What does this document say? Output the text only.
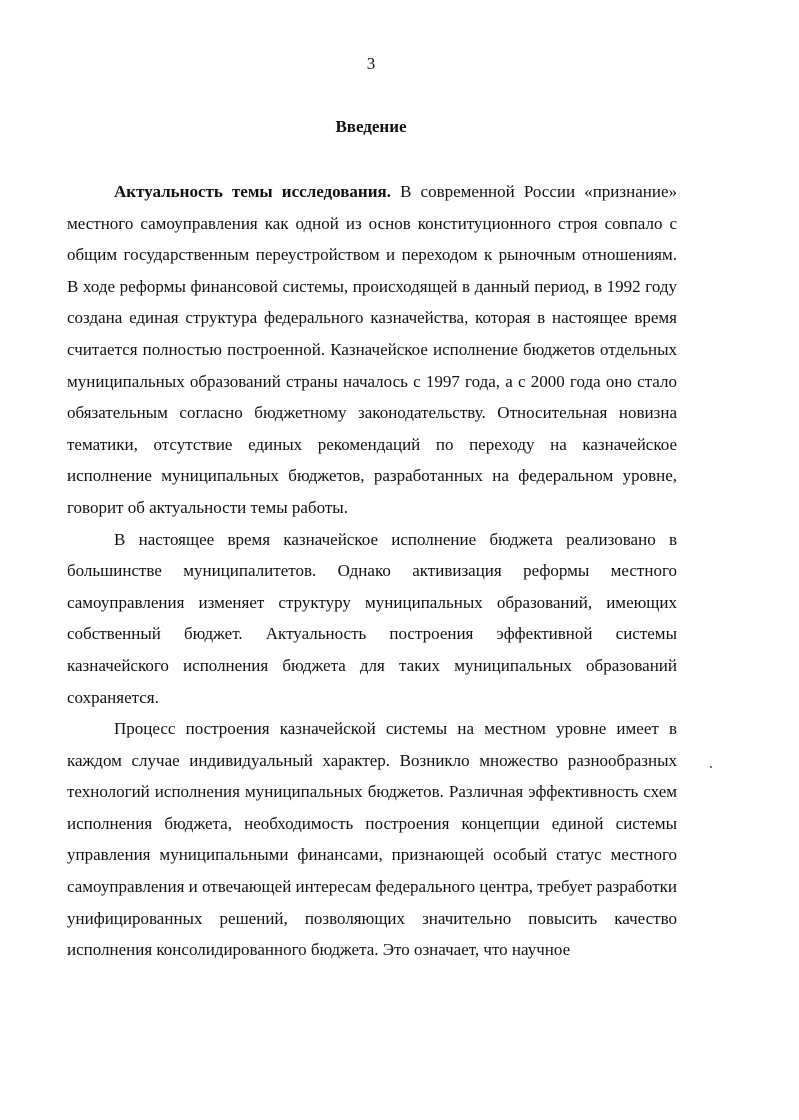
3
Введение

Актуальность темы исследования. В современной России «признание» местного самоуправления как одной из основ конституционного строя совпало с общим государственным переустройством и переходом к рыночным отношениям. В ходе реформы финансовой системы, происходящей в данный период, в 1992 году создана единая структура федерального казначейства, которая в настоящее время считается полностью построенной. Казначейское исполнение бюджетов отдельных муниципальных образований страны началось с 1997 года, а с 2000 года оно стало обязательным согласно бюджетному законодательству. Относительная новизна тематики, отсутствие единых рекомендаций по переходу на казначейское исполнение муниципальных бюджетов, разработанных на федеральном уровне, говорит об актуальности темы работы.

В настоящее время казначейское исполнение бюджета реализовано в большинстве муниципалитетов. Однако активизация реформы местного самоуправления изменяет структуру муниципальных образований, имеющих собственный бюджет. Актуальность построения эффективной системы казначейского исполнения бюджета для таких муниципальных образований сохраняется.

Процесс построения казначейской системы на местном уровне имеет в каждом случае индивидуальный характер. Возникло множество разнообразных технологий исполнения муниципальных бюджетов. Различная эффективность схем исполнения бюджета, необходимость построения концепции единой системы управления муниципальными финансами, признающей особый статус местного самоуправления и отвечающей интересам федерального центра, требует разработки унифицированных решений, позволяющих значительно повысить качество исполнения консолидированного бюджета. Это означает, что научное
